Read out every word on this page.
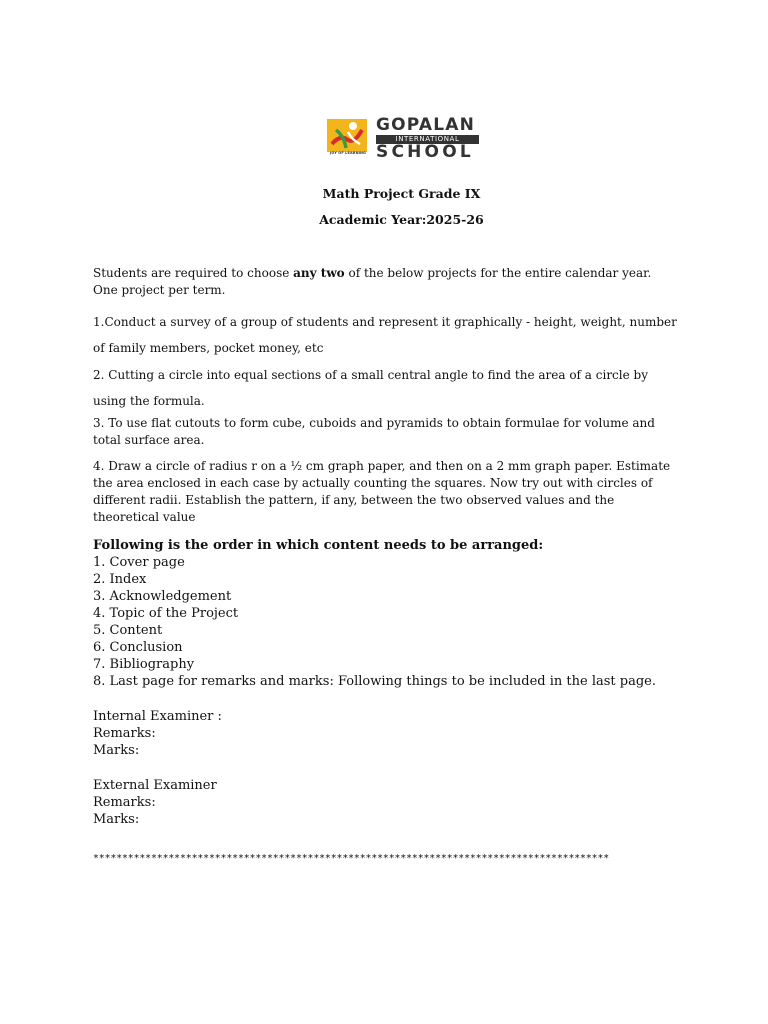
JOY OF LEARNING
GOPALAN
INTERNATIONAL
SCHOOL
Math Project Grade IX
Academic Year:2025-26
Students are required to choose any two of the below projects for the entire calendar year. One project per term.
1.Conduct a survey of a group of students and represent it graphically - height, weight, number of family members, pocket money, etc
2. Cutting a circle into equal sections of a small central angle to find the area of a circle by using the formula.
3. To use flat cutouts to form cube, cuboids and pyramids to obtain formulae for volume and total surface area.
4. Draw a circle of radius r on a ½ cm graph paper, and then on a 2 mm graph paper. Estimate the area enclosed in each case by actually counting the squares. Now try out with circles of different radii. Establish the pattern, if any, between the two observed values and the theoretical value
Following is the order in which content needs to be arranged:
1. Cover page
2. Index
3. Acknowledgement
4. Topic of the Project
5. Content
6. Conclusion
7. Bibliography
8. Last page for remarks and marks: Following things to be included in the last page.
Internal Examiner :
Remarks:
Marks:
External Examiner
Remarks:
Marks:
*****************************************************************************************
